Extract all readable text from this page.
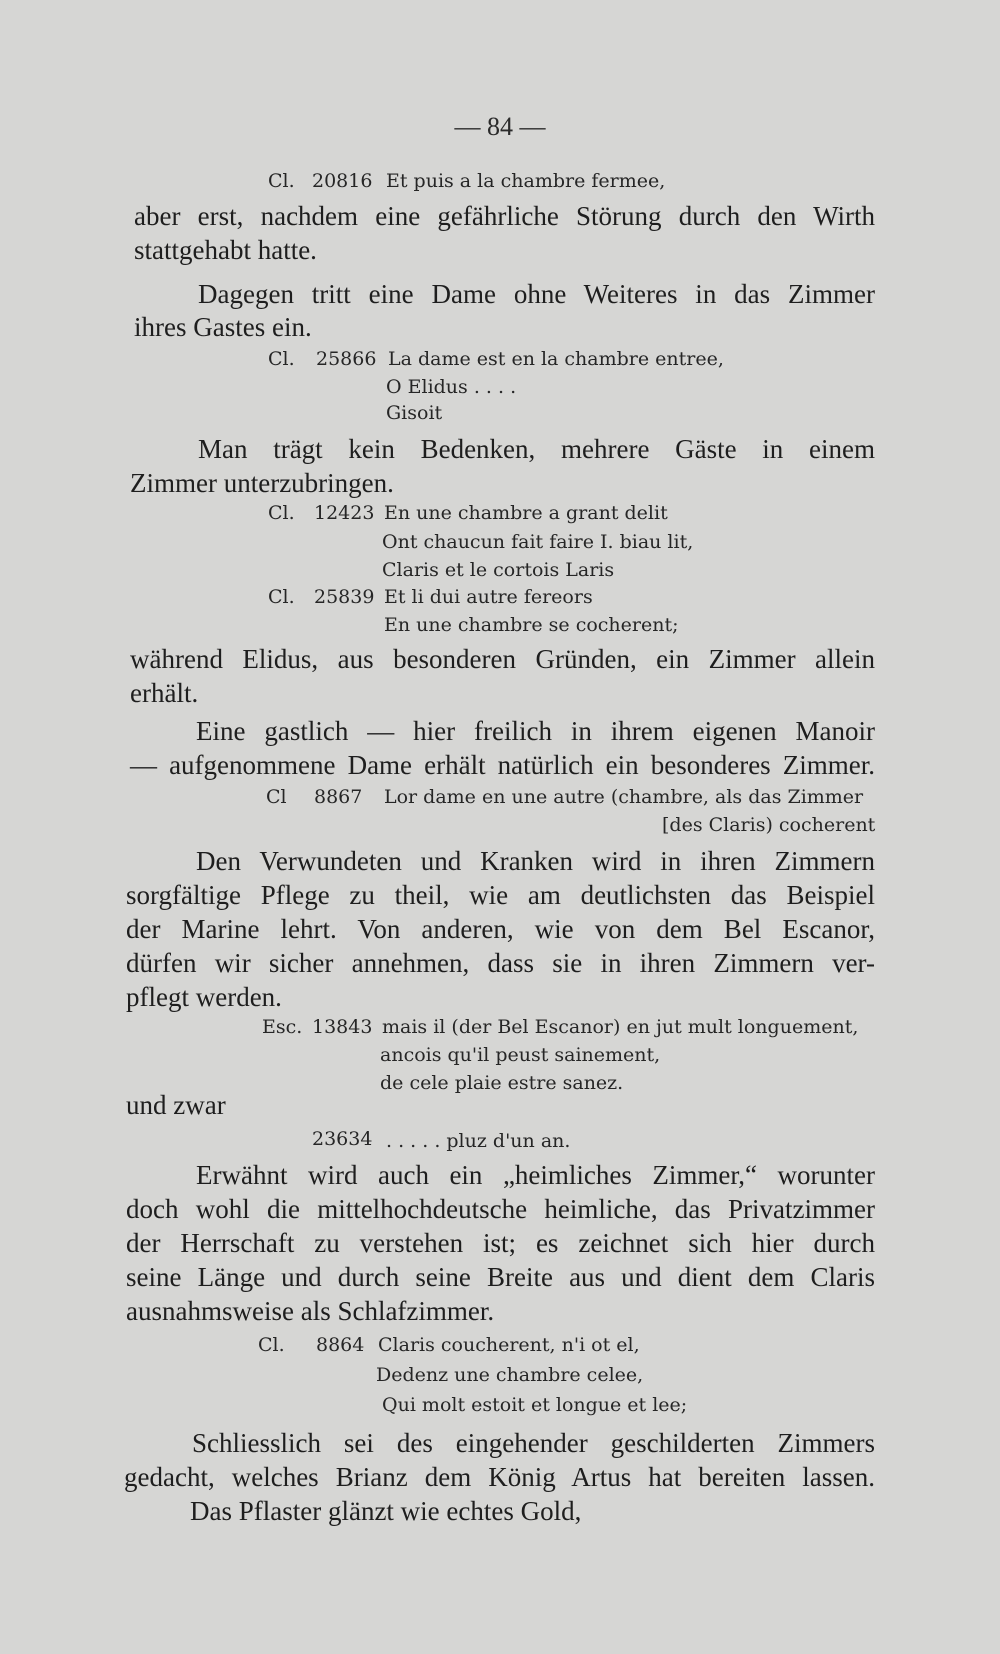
— 84 —
Cl. 20816 Et puis a la chambre fermee,
aber erst, nachdem eine gefährliche Störung durch den Wirth
stattgehabt hatte.
Dagegen tritt eine Dame ohne Weiteres in das Zimmer
ihres Gastes ein.
Cl. 25866 La dame est en la chambre entree,
O Elidus . . . .
Gisoit
Man trägt kein Bedenken, mehrere Gäste in einem
Zimmer unterzubringen.
Cl. 12423 En une chambre a grant delit
Ont chaucun fait faire I. biau lit,
Claris et le cortois Laris
Cl. 25839 Et li dui autre fereors
En une chambre se cocherent;
während Elidus, aus besonderen Gründen, ein Zimmer allein
erhält.
Eine gastlich — hier freilich in ihrem eigenen Manoir
— aufgenommene Dame erhält natürlich ein besonderes Zimmer.
Cl 8867 Lor dame en une autre (chambre, als das Zimmer
[des Claris) cocherent
Den Verwundeten und Kranken wird in ihren Zimmern
sorgfältige Pflege zu theil, wie am deutlichsten das Beispiel
der Marine lehrt. Von anderen, wie von dem Bel Escanor,
dürfen wir sicher annehmen, dass sie in ihren Zimmern ver-
pflegt werden.
Esc. 13843 mais il (der Bel Escanor) en jut mult longuement,
ancois qu'il peust sainement,
de cele plaie estre sanez.
und zwar
23634 . . . . . pluz d'un an.
Erwähnt wird auch ein „heimliches Zimmer,“ worunter
doch wohl die mittelhochdeutsche heimliche, das Privatzimmer
der Herrschaft zu verstehen ist; es zeichnet sich hier durch
seine Länge und durch seine Breite aus und dient dem Claris
ausnahmsweise als Schlafzimmer.
Cl. 8864 Claris coucherent, n'i ot el,
Dedenz une chambre celee,
Qui molt estoit et longue et lee;
Schliesslich sei des eingehender geschilderten Zimmers
gedacht, welches Brianz dem König Artus hat bereiten lassen.
Das Pflaster glänzt wie echtes Gold,
